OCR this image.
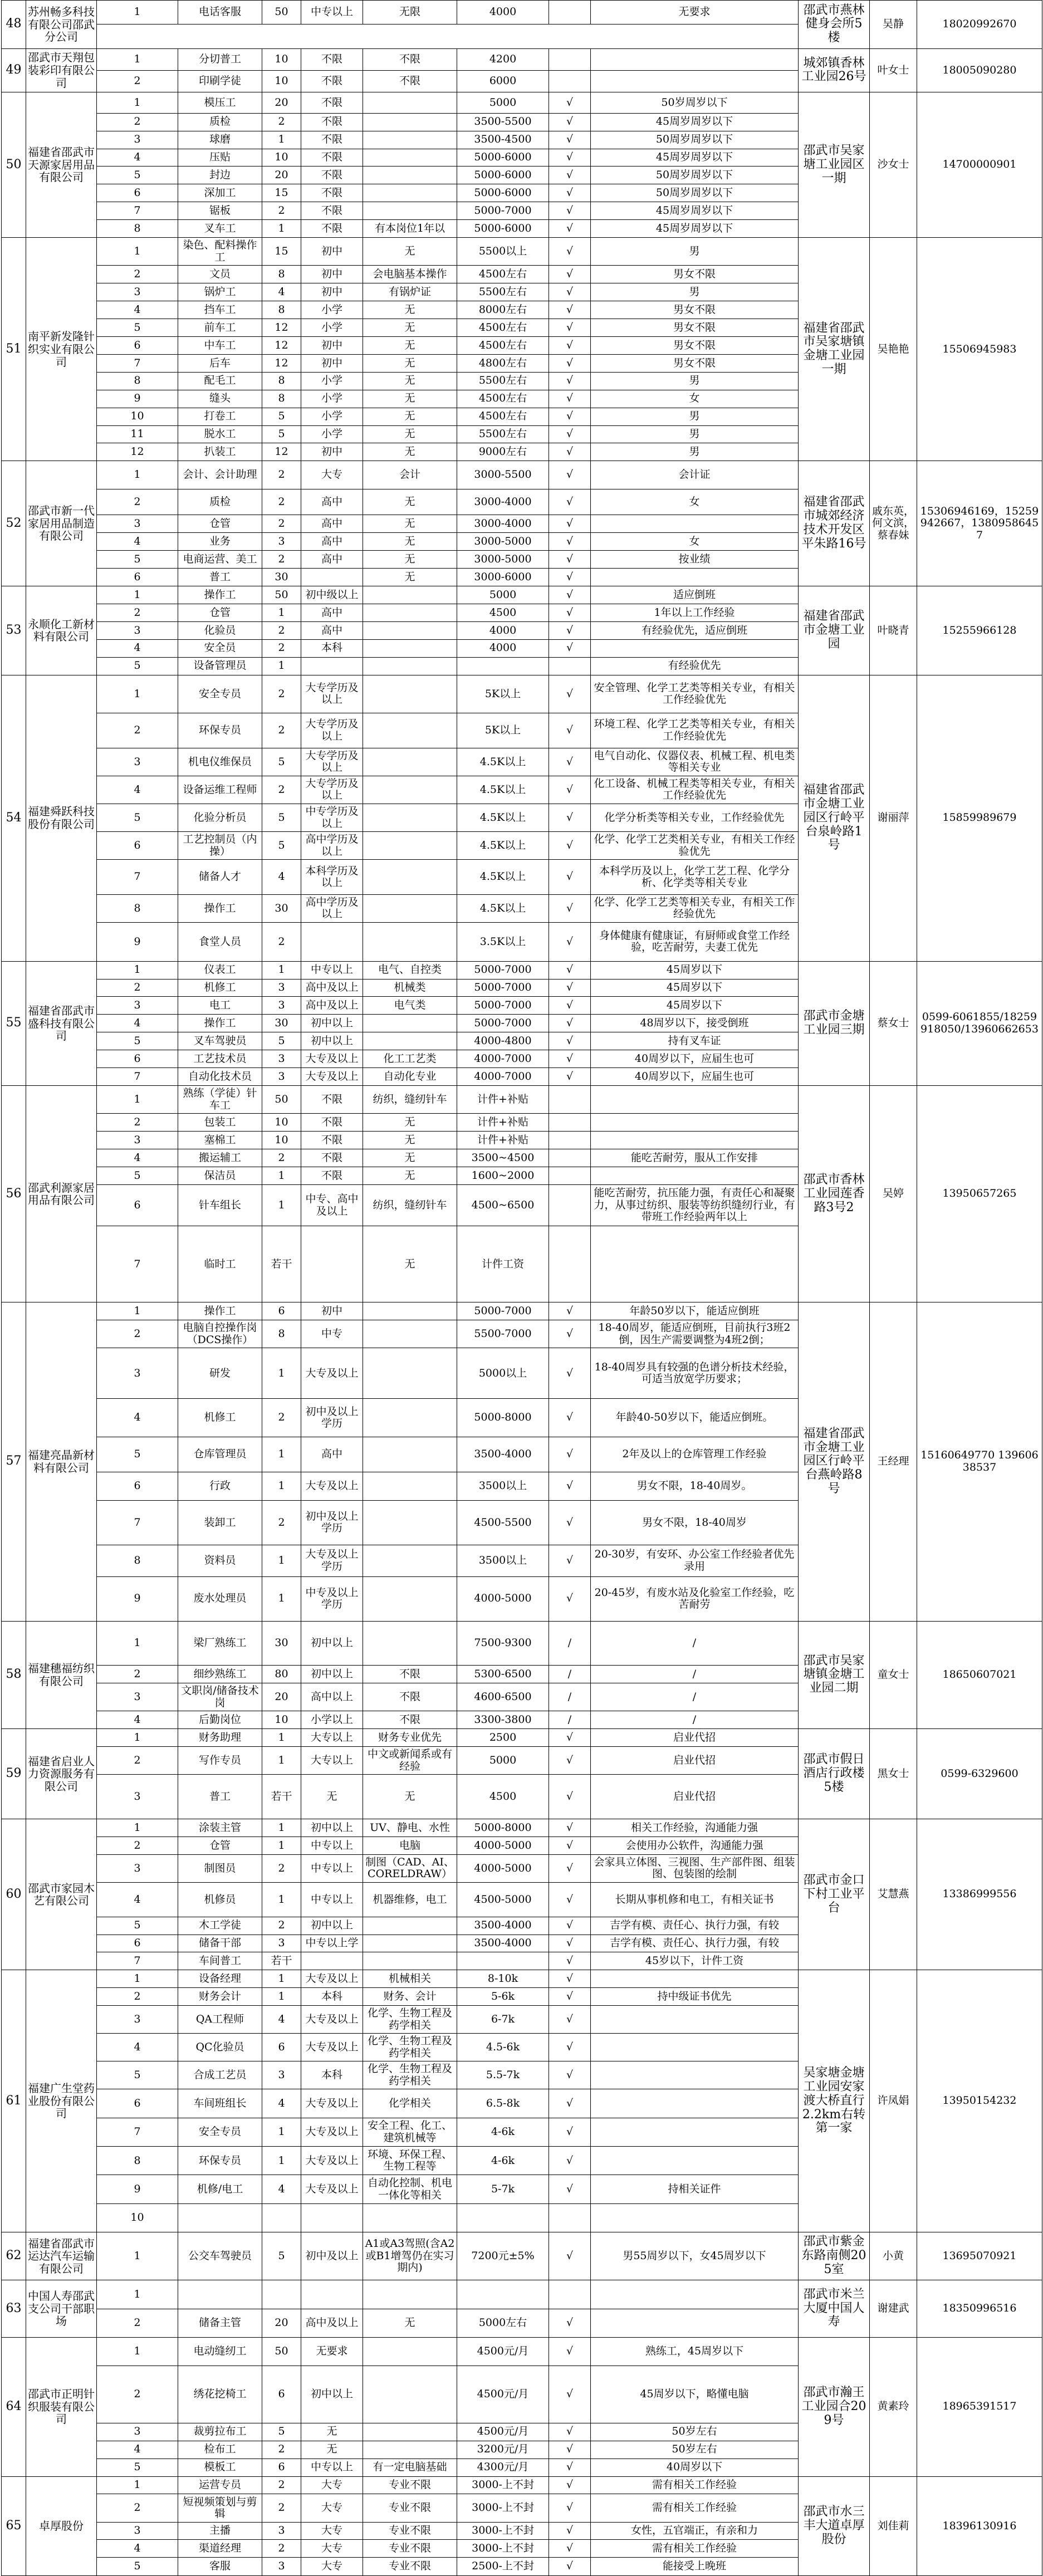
48	苏州畅多科技有限公司邵武分公司	1	电话客服	50	中专以上	无限	4000		无要求	邵武市燕林健身会所5楼	吴静	18020992670

49	邵武市天翔包装彩印有限公司	1	分切普工	10	不限	不限	4200			城郊镇香林工业园26号	叶女士	18005090280
		2	印刷学徒	10	不限	不限	6000					
50	福建省邵武市天源家居用品有限公司	1	模压工	20	不限		5000	√	50岁周岁以下	邵武市吴家塘工业园区一期	沙女士	14700000901
		2	质检	2	不限		3500-5500	√	45周岁周岁以下			
		3	球磨	1	不限		3500-4500	√	50周岁周岁以下			
		4	压贴	10	不限		5000-6000	√	45周岁周岁以下			
		5	封边	20	不限		5000-6000	√	50周岁周岁以下			
		6	深加工	15	不限		5000-6000	√	50周岁周岁以下			
		7	锯板	2	不限		5000-7000	√	45周岁周岁以下			
		8	叉车工	1	不限	有本岗位1年以	5000-6000	√	45周岁周岁以下			
51	南平新发隆针织实业有限公司	1	染色、配料操作工	15	初中	无	5500以上	√	男	福建省邵武市吴家塘镇金塘工业园一期	吴艳艳	15506945983
		2	文员	8	初中	会电脑基本操作	4500左右	√	男女不限			
		3	锅炉工	4	初中	有锅炉证	5500左右	√	男			
		4	挡车工	8	小学	无	8000左右	√	男女不限			
		5	前车工	12	小学	无	4500左右	√	男女不限			
		6	中车工	12	初中	无	4500左右	√	男女不限			
		7	后车	12	初中	无	4800左右	√	男女不限			
		8	配毛工	8	小学	无	5500左右	√	男			
		9	缝头	8	小学	无	4500左右	√	女			
		10	打卷工	5	小学	无	4500左右	√	男			
		11	脱水工	5	小学	无	5500左右	√	男			
		12	扒装工	12	初中	无	9000左右	√	男			
52	邵武市新一代家居用品制造有限公司	1	会计、会计助理	2	大专	会计	3000-5500	√	会计证	福建省邵武市城郊经济技术开发区平朱路16号	戚东英，何文滨，蔡春妹	15306946169，15259942667，13809586457
		2	质检	2	高中	无	3000-4000	√	女			
		3	仓管	2	高中	无	3000-4000	√				
		4	业务	3	高中	无	3000-5000	√	女			
		5	电商运营、美工	2	高中	无	3000-5000	√	按业绩			
		6	普工	30		无	3000-6000	√				
53	永顺化工新材料有限公司	1	操作工	50	初中级以上		5000	√	适应倒班	福建省邵武市金塘工业园	叶晓青	15255966128
		2	仓管	1	高中		4500	√	1年以上工作经验			
		3	化验员	2	高中		4000	√	有经验优先，适应倒班			
		4	安全员	2	本科		4000	√				
		5	设备管理员	1					有经验优先			
54	福建舜跃科技股份有限公司	1	安全专员	2	大专学历及以上		5K以上	√	安全管理、化学工艺类等相关专业，有相关工作经验优先	福建省邵武市金塘工业园区行岭平台泉岭路1号	谢丽萍	15859989679
		2	环保专员	2	大专学历及以上		5K以上	√	环境工程、化学工艺类等相关专业，有相关工作经验优先			
		3	机电仪维保员	5	大专学历及以上		4.5K以上	√	电气自动化、仪器仪表、机械工程、机电类等相关专业			
		4	设备运维工程师	2	大专学历及以上		4.5K以上	√	化工设备、机械工程类等相关专业，有相关工作经验优先			
		5	化验分析员	5	中专学历及以上		4.5K以上	√	化学分析类等相关专业，工作经验优先			
		6	工艺控制员（内操）	5	高中学历及以上		4.5K以上	√	化学、化学工艺类相关专业，有相关工作经验优先			
		7	储备人才	4	本科学历及以上		4.5K以上	√	本科学历及以上，化学工艺工程、化学分析、化学类等相关专业			
		8	操作工	30	高中学历及以上		4.5K以上	√	化学、化学工艺类等相关专业，有相关工作经验优先			
		9	食堂人员	2			3.5K以上	√	身体健康有健康证，有厨师或食堂工作经验，吃苦耐劳，夫妻工优先			
55	福建省邵武市盛科技有限公司	1	仪表工	1	中专以上	电气、自控类	5000-7000	√	45周岁以下	邵武市金塘工业园三期	蔡女士	0599-6061855/18259918050/13960662653
		2	机修工	3	高中及以上	机械类	5000-7000	√	45周岁以下			
		3	电工	3	高中及以上	电气类	5000-7000	√	45周岁以下			
		4	操作工	30	初中以上		5000-7000	√	48周岁以下，接受倒班			
		5	叉车驾驶员	5	初中以上		4000-4800	√	持有叉车证			
		6	工艺技术员	3	大专及以上	化工工艺类	4000-7000	√	40周岁以下，应届生也可			
		7	自动化技术员	3	大专及以上	自动化专业	4000-7000	√	40周岁以下，应届生也可			
56	邵武利源家居用品有限公司	1	熟练（学徒）针车工	50	不限	纺织，缝纫针车	计件+补贴			邵武市香林工业园莲香路3号2	吴婷	13950657265
		2	包装工	10	不限	无	计件+补贴					
		3	塞棉工	10	不限	无	计件+补贴					
		4	搬运辅工	2	不限	无	3500~4500		能吃苦耐劳，服从工作安排			
		5	保洁员	1	不限	无	1600~2000					
		6	针车组长	1	中专、高中及以上	纺织，缝纫针车	4500~6500		能吃苦耐劳，抗压能力强，有责任心和凝聚力，从事过纺织、服装等纺织缝纫行业，有带班工作经验两年以上			
		7	临时工	若干		无	计件工资					
57	福建亮晶新材料有限公司	1	操作工	6	初中		5000-7000	√	年龄50岁以下，能适应倒班	福建省邵武市金塘工业园区行岭平台燕岭路8号	王经理	15160649770 13960638537
		2	电脑自控操作岗（DCS操作）	8	中专		5500-7000	√	18-40周岁，能适应倒班，目前执行3班2倒，因生产需要调整为4班2倒；			
		3	研发	1	大专及以上		5000以上	√	18-40周岁具有较强的色谱分析技术经验，可适当放宽学历要求；			
		4	机修工	2	初中及以上学历		5000-8000	√	年龄40-50岁以下，能适应倒班。			
		5	仓库管理员	1	高中		3500-4000	√	2年及以上的仓库管理工作经验			
		6	行政	1	大专及以上		3500以上	√	男女不限，18-40周岁。			
		7	装卸工	2	初中及以上学历		4500-5500	√	男女不限，18-40周岁			
		8	资料员	1	大专及以上学历		3500以上	√	20-30岁，有安环、办公室工作经验者优先录用			
		9	废水处理员	1	中专及以上学历		4000-5000	√	20-45岁，有废水站及化验室工作经验，吃苦耐劳			
58	福建穗福纺织有限公司	1	梁厂熟练工	30	初中以上		7500-9300	/	/	邵武市吴家塘镇金塘工业园二期	童女士	18650607021
		2	细纱熟练工	80	初中以上	不限	5300-6500	/	/			
		3	文职岗/储备技术岗	20	高中以上	不限	4600-6500	/	/			
		4	后勤岗位	10	小学以上	不限	3300-3800	/	/			
59	福建省启业人力资源服务有限公司	1	财务助理	1	大专以上	财务专业优先	2500	√	启业代招	邵武市假日酒店行政楼5楼	黑女士	0599-6329600
		2	写作专员	1	大专以上	中文或新闻系或有经验	5000	√	启业代招			
		3	普工	若干	无	无	4500	√	启业代招			
60	邵武市家园木艺有限公司	1	涂装主管	1	初中以上	UV、静电、水性	5000-8000	√	相关工作经验，沟通能力强	邵武市金口下村工业平台	艾慧燕	13386999556
		2	仓管	1	中专以上	电脑	4000-5000	√	会使用办公软件，沟通能力强			
		3	制图员	2	中专以上	制图（CAD、AI、CORELDRAW）	4000-5000	√	会家具立体图、三视图、生产部件图、组装图、包装图的绘制			
		4	机修员	1	中专以上	机器维修，电工	4500-5000	√	长期从事机修和电工，有相关证书			
		5	木工学徒	2	初中以上		3500-4000	√	吉学有模、责任心、执行力强，有较			
		6	储备干部	3	中专以上学		3500-4000	√	吉学有模、责任心、执行力强，有较			
		7	车间普工	若干				√	45岁以下，计件工资			
61	福建广生堂药业股份有限公司	1	设备经理	1	大专及以上	机械相关	8-10k	√		吴家塘金塘工业园安家渡大桥直行2.2km右转第一家	许凤娟	13950154232
		2	财务会计	1	本科	财务、会计	5-6k	√	持中级证书优先			
		3	QA工程师	4	大专及以上	化学、生物工程及药学相关	6-7k	√				
		4	QC化验员	6	大专及以上	化学、生物工程及药学相关	4.5-6k	√				
		5	合成工艺员	3	本科	化学、生物工程及药学相关	5.5-7k	√				
		6	车间班组长	4	大专及以上	化学相关	6.5-8k	√				
		7	安全专员	1	大专及以上	安全工程、化工、建筑机械等	4-6k	√				
		8	环保专员	1	大专及以上	环境、环保工程、生物工程等	4-6k	√				
		9	机修/电工	4	大专及以上	自动化控制、机电一体化等相关	5-7k	√	持相关证件			
		10										
62	福建省邵武市运达汽车运输有限公司	1	公交车驾驶员	5	初中及以上	A1或A3驾照(含A2或B1增驾仍在实习期内)	7200元±5%	√	男55周岁以下，女45周岁以下	邵武市紫金东路南侧205室	小黄	13695070921
63	中国人寿邵武支公司干部职场	1								邵武市米兰大厦中国人寿	谢建武	18350996516
		2	储备主管	20	高中及以上	无	5000左右	√				
64	邵武市正明针织服装有限公司	1	电动缝纫工	50	无要求		4500元/月	√	熟练工，45周岁以下	邵武市瀚王工业园合209号	黄素玲	18965391517
		2	绣花挖椅工	6	初中以上		4500元/月	√	45周岁以下，略懂电脑			
		3	裁剪拉布工	5	无		4500元/月	√	50岁左右			
		4	检布工	2	无		3200元/月	√	50岁左右			
		5	模板工	6	中专以上	有一定电脑基础	4300元/月	√	40周岁以下			
65	卓厚股份	1	运营专员	2	大专	专业不限	3000-上不封	√	需有相关工作经验	邵武市水三丰大道卓厚股份	刘佳莉	18396130916
		2	短视频策划与剪辑	2	大专	专业不限	3000-上不封	√	需有相关工作经验			
		3	主播	3	大专	专业不限	3000-上不封	√	女性，五官端正，有亲和力			
		4	渠道经理	2	大专	专业不限	3000-上不封	√	需有相关工作经验			
		5	客服	3	大专	专业不限	2500-上不封	√	能接受上晚班			
